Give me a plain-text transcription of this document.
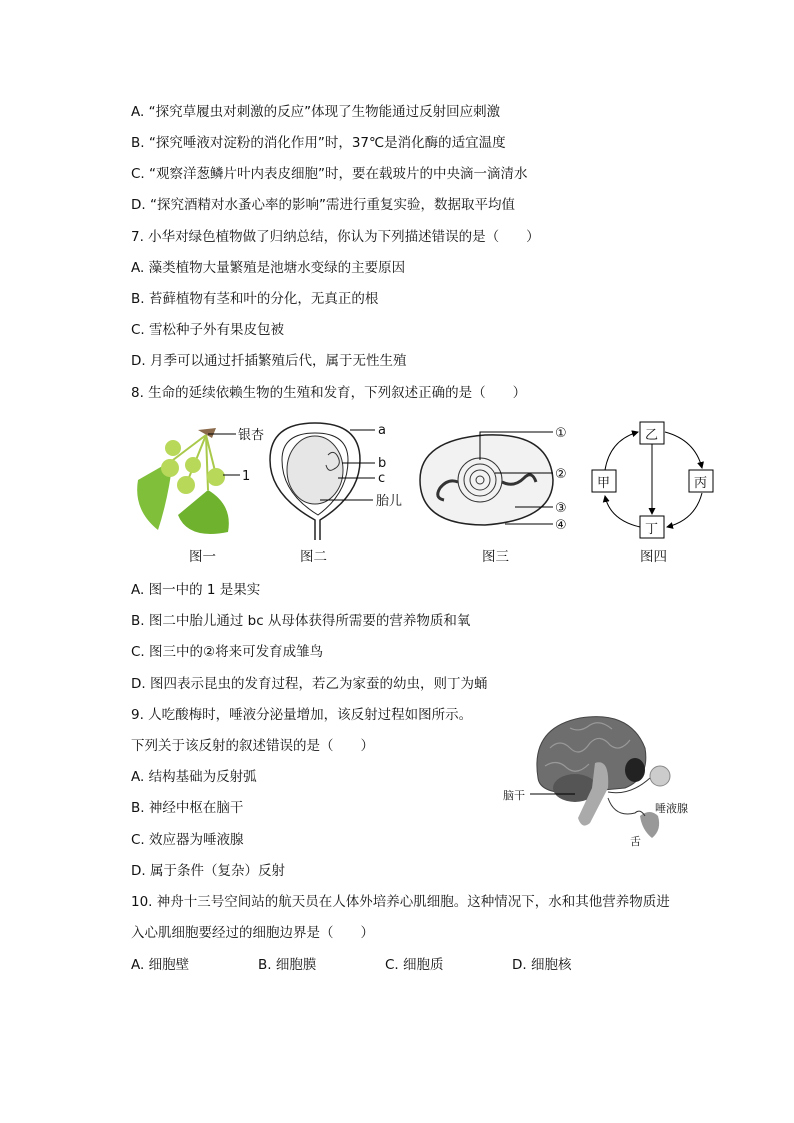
A. “探究草履虫对刺激的反应”体现了生物能通过反射回应刺激
B. “探究唾液对淀粉的消化作用”时，37℃是消化酶的适宜温度
C. “观察洋葱鳞片叶内表皮细胞”时，要在载玻片的中央滴一滴清水
D. “探究酒精对水蚤心率的影响”需进行重复实验，数据取平均值
7. 小华对绿色植物做了归纳总结，你认为下列描述错误的是（　　）
A. 藻类植物大量繁殖是池塘水变绿的主要原因
B. 苔藓植物有茎和叶的分化，无真正的根
C. 雪松种子外有果皮包被
D. 月季可以通过扦插繁殖后代，属于无性生殖
8. 生命的延续依赖生物的生殖和发育，下列叙述正确的是（　　）
银杏
1
图一
a
b
c
胎儿
图二
①
②
③
④
图三
乙
甲	丙
丁
图四
A. 图一中的 1 是果实
B. 图二中胎儿通过 bc 从母体获得所需要的营养物质和氧
C. 图三中的②将来可发育成雏鸟
D. 图四表示昆虫的发育过程，若乙为家蚕的幼虫，则丁为蛹
9. 人吃酸梅时，唾液分泌量增加，该反射过程如图所示。
下列关于该反射的叙述错误的是（　　）
脑干
唾液腺
舌
A. 结构基础为反射弧
B. 神经中枢在脑干
C. 效应器为唾液腺
D. 属于条件（复杂）反射
10. 神舟十三号空间站的航天员在人体外培养心肌细胞。这种情况下，水和其他营养物质进
入心肌细胞要经过的细胞边界是（　　）
A. 细胞壁	B. 细胞膜	C. 细胞质	D. 细胞核
